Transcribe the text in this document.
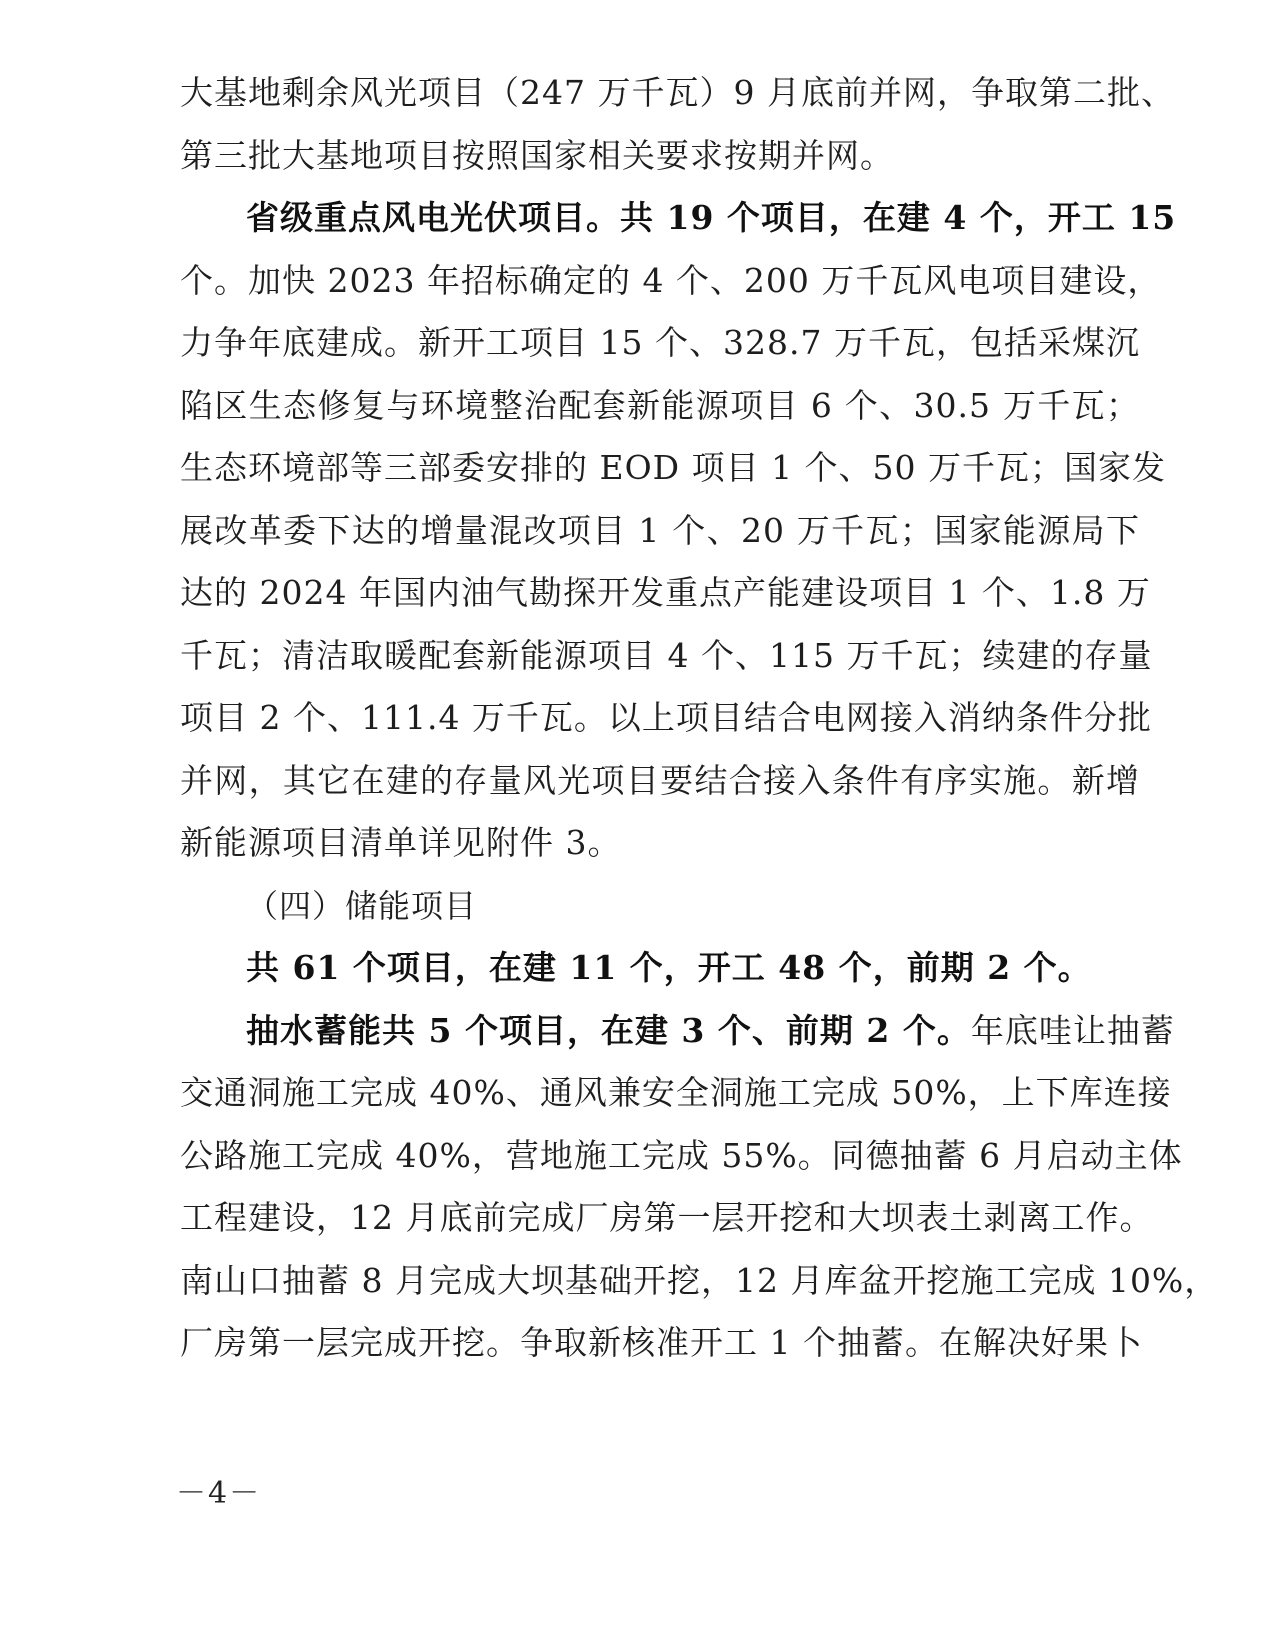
大基地剩余风光项目（247 万千瓦）9 月底前并网，争取第二批、
第三批大基地项目按照国家相关要求按期并网。
省级重点风电光伏项目。共 19 个项目，在建 4 个，开工 15
个。加快 2023 年招标确定的 4 个、200 万千瓦风电项目建设，
力争年底建成。新开工项目 15 个、328.7 万千瓦，包括采煤沉
陷区生态修复与环境整治配套新能源项目 6 个、30.5 万千瓦；
生态环境部等三部委安排的 EOD 项目 1 个、50 万千瓦；国家发
展改革委下达的增量混改项目 1 个、20 万千瓦；国家能源局下
达的 2024 年国内油气勘探开发重点产能建设项目 1 个、1.8 万
千瓦；清洁取暖配套新能源项目 4 个、115 万千瓦；续建的存量
项目 2 个、111.4 万千瓦。以上项目结合电网接入消纳条件分批
并网，其它在建的存量风光项目要结合接入条件有序实施。新增
新能源项目清单详见附件 3。
（四）储能项目
共 61 个项目，在建 11 个，开工 48 个，前期 2 个。
抽水蓄能共 5 个项目，在建 3 个、前期 2 个。年底哇让抽蓄
交通洞施工完成 40%、通风兼安全洞施工完成 50%，上下库连接
公路施工完成 40%，营地施工完成 55%。同德抽蓄 6 月启动主体
工程建设，12 月底前完成厂房第一层开挖和大坝表土剥离工作。
南山口抽蓄 8 月完成大坝基础开挖，12 月库盆开挖施工完成 10%，
厂房第一层完成开挖。争取新核准开工 1 个抽蓄。在解决好果卜
－4－
